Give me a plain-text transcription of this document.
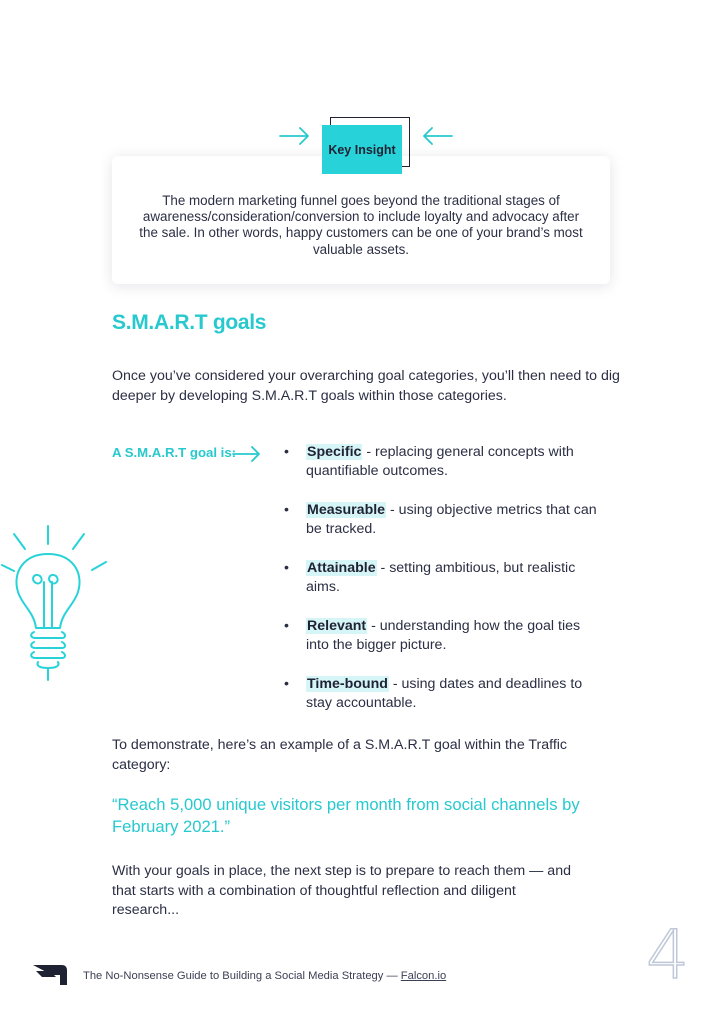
Key Insight
The modern marketing funnel goes beyond the traditional stages of awareness/consideration/conversion to include loyalty and advocacy after the sale. In other words, happy customers can be one of your brand’s most valuable assets.
S.M.A.R.T goals
Once you’ve considered your overarching goal categories, you’ll then need to dig deeper by developing S.M.A.R.T goals within those categories.
A S.M.A.R.T goal is:	• Specific - replacing general concepts with quantifiable outcomes.
• Measurable - using objective metrics that can be tracked.
• Attainable - setting ambitious, but realistic aims.
• Relevant - understanding how the goal ties into the bigger picture.
• Time-bound - using dates and deadlines to stay accountable.
To demonstrate, here’s an example of a S.M.A.R.T goal within the Traffic category:
“Reach 5,000 unique visitors per month from social channels by February 2021.”
With your goals in place, the next step is to prepare to reach them — and that starts with a combination of thoughtful reflection and diligent research...
The No-Nonsense Guide to Building a Social Media Strategy — Falcon.io	4
